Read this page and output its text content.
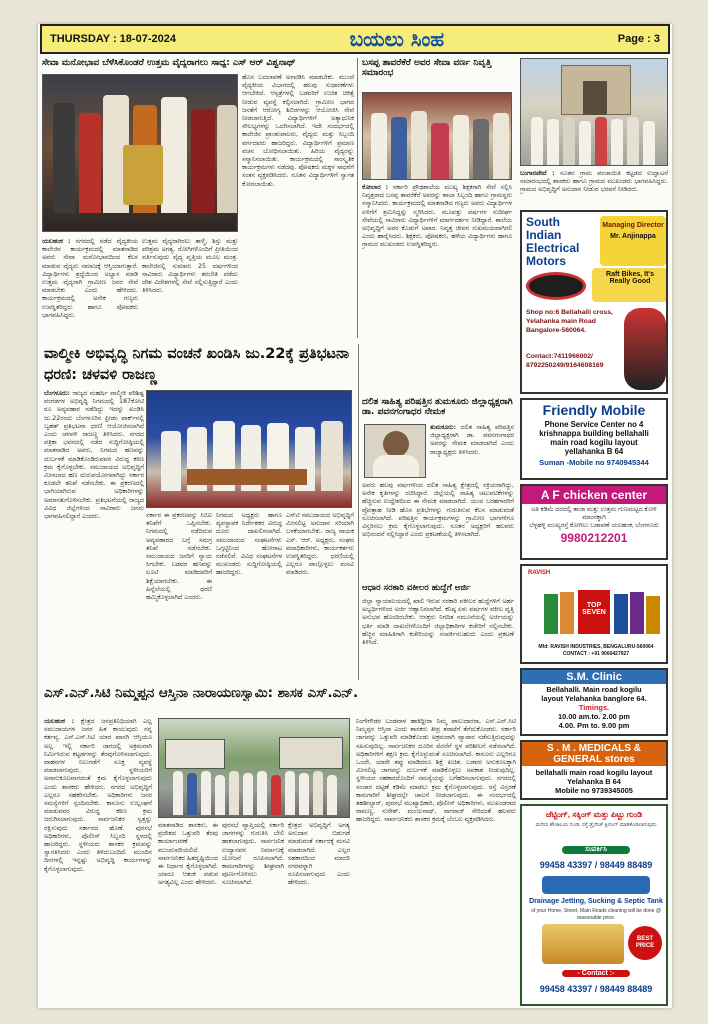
THURSDAY : 18-07-2024	ಬಯಲು ಸಿಂಹ	Page : 3
ಸೇವಾ ಮನೋಭಾವ ಬೆಳೆಸಿಕೊಂಡರೆ ಉತ್ತಮ ವೈದ್ಯರಾಗಲು ಸಾಧ್ಯ: ಎಸ್ ಆರ್ ವಿಶ್ವನಾಥ್
ಯಲಹಂಕ : ನಗರದಲ್ಲಿ ನಡೆದ ವೈದ್ಯಕೀಯ ಕಾಲೇಜಿನ ಕಾರ್ಯಕ್ರಮದಲ್ಲಿ ಮಾತನಾಡಿದ ಅವರು ಸೇವಾ ಮನೋಭಾವದಿಂದ ಕೆಲಸ ಮಾಡುವ ವೈದ್ಯರು ಸಮಾಜಕ್ಕೆ ಆಸ್ತಿಯಾಗುತ್ತಾರೆ. ವಿದ್ಯಾರ್ಥಿಗಳು ಶ್ರದ್ಧೆಯಿಂದ ಅಭ್ಯಾಸ ಮಾಡಿ ಉತ್ತಮ ವೈದ್ಯರಾಗಿ ಗ್ರಾಮೀಣ ಜನರ ಸೇವೆ ಮಾಡಬೇಕು ಎಂದು ಹೇಳಿದರು. ಕಾರ್ಯಕ್ರಮದಲ್ಲಿ ಅನೇಕ ಗಣ್ಯರು ಉಪಸ್ಥಿತರಿದ್ದರು ಹಾಗೂ ಪೋಷಕರು ಭಾಗವಹಿಸಿದ್ದರು.
ಉತ್ತಮ ವೈದ್ಯರಾಗಿರಲು ತಾಳ್ಮೆ, ಶಿಸ್ತು ಮತ್ತು ಪರಿಶ್ರಮ ಅಗತ್ಯ. ರೋಗಿಗಳೊಂದಿಗೆ ಪ್ರೀತಿಯಿಂದ ವರ್ತಿಸುವುದು ವೈದ್ಯ ವೃತ್ತಿಯ ಮೂಲ ಮಂತ್ರ. ಕಾಲೇಜಿನಲ್ಲಿ ಸುಮಾರು 25 ವರ್ಷಗಳಿಂದ ಸಾವಿರಾರು ವಿದ್ಯಾರ್ಥಿಗಳು ತರಬೇತಿ ಪಡೆದು ದೇಶ ವಿದೇಶಗಳಲ್ಲಿ ಸೇವೆ ಸಲ್ಲಿಸುತ್ತಿದ್ದಾರೆ ಎಂದು ತಿಳಿಸಿದರು.
ಹೊಸ ಬದಲಾವಣೆ ಅಳವಡಿಸಿ ಮಾಡಬೇಕು. ಮುಂದೆ ವೈದ್ಯಕೀಯ ವಿಭಾಗದಲ್ಲಿ ಹಲವು ಸುಧಾರಣೆಗಳು ಆಗಬೇಕಿದೆ. ಆಸ್ಪತ್ರೆಗಳಲ್ಲಿ ಬಡವರಿಗೆ ಉಚಿತ ಚಿಕಿತ್ಸೆ ನೀಡುವ ವ್ಯವಸ್ಥೆ ಕಲ್ಪಿಸಲಾಗಿದೆ. ಗ್ರಾಮೀಣ ಭಾಗದ ಜನತೆಗೆ ಆರೋಗ್ಯ ಶಿಬಿರಗಳನ್ನು ಆಯೋಜಿಸಿ ಸೇವೆ ನೀಡಲಾಗುತ್ತಿದೆ. ವಿದ್ಯಾರ್ಥಿಗಳಿಗೆ ಅತ್ಯಾಧುನಿಕ ಸೌಲಭ್ಯಗಳನ್ನು ಒದಗಿಸಲಾಗಿದೆ. ಇದೇ ಸಂದರ್ಭದಲ್ಲಿ ಕಾಲೇಜಿನ ಪ್ರಾಂಶುಪಾಲರು, ವೈದ್ಯರು ಮತ್ತು ಸಿಬ್ಬಂದಿ ವರ್ಗದವರು ಹಾಜರಿದ್ದರು. ವಿದ್ಯಾರ್ಥಿಗಳಿಗೆ ಪ್ರಮಾಣ ವಚನ ಬೋಧಿಸಲಾಯಿತು. ಹಿರಿಯ ವೈದ್ಯರನ್ನು ಸನ್ಮಾನಿಸಲಾಯಿತು. ಕಾರ್ಯಕ್ರಮದಲ್ಲಿ ಸಾಂಸ್ಕೃತಿಕ ಕಾರ್ಯಕ್ರಮಗಳು ನಡೆದವು. ಪೋಷಕರು ಮಕ್ಕಳ ಸಾಧನೆಗೆ ಸಂತಸ ವ್ಯಕ್ತಪಡಿಸಿದರು. ನೂತನ ವಿದ್ಯಾರ್ಥಿಗಳಿಗೆ ಸ್ವಾಗತ ಕೋರಲಾಯಿತು.
ಬಸಪ್ಪ ತಾವರೆಕೆರೆ ಅವರ ಸೇವಾ ವರ್ಣ ನಿವೃತ್ತಿ ಸಮಾರಂಭ
ಕೋಲಾರ : ಸರ್ಕಾರಿ ಪ್ರೌಢಶಾಲೆಯ ಮುಖ್ಯ ಶಿಕ್ಷಕರಾಗಿ ಸೇವೆ ಸಲ್ಲಿಸಿ ನಿವೃತ್ತರಾದ ಬಸಪ್ಪ ತಾವರೆಕೆರೆ ಅವರನ್ನು ಶಾಲಾ ಸಿಬ್ಬಂದಿ ಹಾಗೂ ಗ್ರಾಮಸ್ಥರು ಸನ್ಮಾನಿಸಿದರು. ಕಾರ್ಯಕ್ರಮದಲ್ಲಿ ಮಾತನಾಡಿದ ಗಣ್ಯರು ಅವರು ವಿದ್ಯಾರ್ಥಿಗಳ ಏಳಿಗೆಗೆ ಶ್ರಮಿಸಿದ್ದನ್ನು ಸ್ಮರಿಸಿದರು. ಮೂವತ್ತು ವರ್ಷಗಳ ಸುದೀರ್ಘ ಸೇವೆಯಲ್ಲಿ ಸಾವಿರಾರು ವಿದ್ಯಾರ್ಥಿಗಳಿಗೆ ಮಾರ್ಗದರ್ಶನ ನೀಡಿದ್ದಾರೆ. ಶಾಲೆಯ ಅಭಿವೃದ್ಧಿಗೆ ಅವರ ಕೊಡುಗೆ ಅಪಾರ. ನಿವೃತ್ತ ಜೀವನ ಸುಖಮಯವಾಗಿರಲಿ ಎಂದು ಹಾರೈಸಿದರು. ಶಿಕ್ಷಕರು, ಪೋಷಕರು, ಹಳೆಯ ವಿದ್ಯಾರ್ಥಿಗಳು ಹಾಗೂ ಗ್ರಾಮದ ಮುಖಂಡರು ಉಪಸ್ಥಿತರಿದ್ದರು.
ಬಂಗಾರಪೇಟೆ : ನೂತನ ಗ್ರಾಮ ಪಂಚಾಯಿತಿ ಕಟ್ಟಡದ ಉದ್ಘಾಟನೆ ಸಮಾರಂಭದಲ್ಲಿ ಶಾಸಕರು ಹಾಗೂ ಗ್ರಾಮದ ಮುಖಂಡರು ಭಾಗವಹಿಸಿದ್ದರು. ಗ್ರಾಮದ ಅಭಿವೃದ್ಧಿಗೆ ಅನುದಾನ ನೀಡುವ ಭರವಸೆ ನೀಡಿದರು.
South
Indian
Electrical
Motors
Managing Director
Mr. Anjinappa
Raft Bikes, It's Really Good
Shop no:6 Bellahalli cross, Yelahanka main Road Bangalore-560064.
Contact:7411966002/ 8792250249/9164608169
ವಾಲ್ಮೀಕಿ ಅಭಿವೃದ್ಧಿ ನಿಗಮ ವಂಚನೆ ಖಂಡಿಸಿ ಜು.22ಕ್ಕೆ ಪ್ರತಿಭಟನಾ ಧರಣಿ: ಚಳವಳಿ ರಾಜಣ್ಣ
ಬೆಂಗಳೂರು: ರಾಜ್ಯದ ಮಹರ್ಷಿ ವಾಲ್ಮೀಕಿ ಪರಿಶಿಷ್ಟ ಪಂಗಡಗಳ ಅಭಿವೃದ್ಧಿ ನಿಗಮದಲ್ಲಿ 187ಕೋಟಿ ರೂ ಅವ್ಯವಹಾರ ನಡೆದಿದ್ದು ಇದನ್ನು ಖಂಡಿಸಿ ಜು.22ರಂದು ಬೆಂಗಳೂರಿನ ಫ್ರೀಡಂ ಪಾರ್ಕ್‌ನಲ್ಲಿ ಬೃಹತ್ ಪ್ರತಿಭಟನಾ ಧರಣಿ ಆಯೋಜಿಸಲಾಗಿದೆ ಎಂದು ಚಳವಳಿ ರಾಜಣ್ಣ ತಿಳಿಸಿದರು. ನಗರದ ಪತ್ರಿಕಾ ಭವನದಲ್ಲಿ ನಡೆದ ಸುದ್ದಿಗೋಷ್ಠಿಯಲ್ಲಿ ಮಾತನಾಡಿದ ಅವರು, ನಿಗಮದ ಹಣವನ್ನು ದುರ್ಬಳಕೆ ಮಾಡಿಕೊಂಡಿರುವವರ ವಿರುದ್ಧ ಕಠಿಣ ಕ್ರಮ ಕೈಗೊಳ್ಳಬೇಕು. ಸಮುದಾಯದ ಅಭಿವೃದ್ಧಿಗೆ ಮೀಸಲಾದ ಹಣ ದುರುಪಯೋಗವಾಗಿದ್ದು ಸರ್ಕಾರ ಕೂಡಲೇ ತನಿಖೆ ನಡೆಸಬೇಕು. ಈ ಪ್ರಕರಣದಲ್ಲಿ ಭಾಗಿಯಾಗಿರುವ ಅಧಿಕಾರಿಗಳನ್ನು ಅಮಾನತುಗೊಳಿಸಬೇಕು. ಪ್ರತಿಭಟನೆಯಲ್ಲಿ ರಾಜ್ಯದ ವಿವಿಧ ಜಿಲ್ಲೆಗಳಿಂದ ಸಾವಿರಾರು ಜನರು ಭಾಗವಹಿಸಲಿದ್ದಾರೆ ಎಂದರು.	ಸರ್ಕಾರ ಈ ಪ್ರಕರಣವನ್ನು ಸಿಬಿಐ ತನಿಖೆಗೆ ಒಪ್ಪಿಸಬೇಕು. ನಿಗಮದಲ್ಲಿ ನಡೆದಿರುವ ಅವ್ಯವಹಾರದ ಬಗ್ಗೆ ಸಮಗ್ರ ತನಿಖೆ ನಡೆಸಬೇಕು. ಸಮುದಾಯದ ಜನರಿಗೆ ನ್ಯಾಯ ಸಿಗಬೇಕು. ಬಡವರ ಹಣವನ್ನು ಲೂಟಿ ಮಾಡಿದವರಿಗೆ ಶಿಕ್ಷೆಯಾಗಬೇಕು. ಈ ಹಿನ್ನೆಲೆಯಲ್ಲಿ ಧರಣಿ ಹಮ್ಮಿಕೊಳ್ಳಲಾಗಿದೆ ಎಂದರು.
ನಿಗಮದ ಅಧ್ಯಕ್ಷರು ಹಾಗೂ ವ್ಯವಸ್ಥಾಪಕ ನಿರ್ದೇಶಕರ ವಿರುದ್ಧ ದೂರು ದಾಖಲಿಸಲಾಗಿದೆ. ಸಮುದಾಯದ ಸಂಘಟನೆಗಳು ಒಗ್ಗಟ್ಟಿನಿಂದ ಹೋರಾಟ ನಡೆಸಲಿವೆ. ವಿವಿಧ ಸಂಘಟನೆಗಳ ಮುಖಂಡರು ಸುದ್ದಿಗೋಷ್ಠಿಯಲ್ಲಿ ಹಾಜರಿದ್ದರು.
ಎಸ್‌ಟಿ ಸಮುದಾಯದ ಅಭಿವೃದ್ಧಿಗೆ ಮೀಸಲಿಟ್ಟ ಅನುದಾನ ಸರಿಯಾಗಿ ಬಳಕೆಯಾಗಬೇಕು. ರಾಜ್ಯ ನಾಯಕ ಎಸ್. ಆರ್. ಅಧ್ಯಕ್ಷರು, ಸಂಘದ ಪದಾಧಿಕಾರಿಗಳು, ಕಾರ್ಯಕರ್ತರು ಉಪಸ್ಥಿತರಿದ್ದರು. ಧರಣಿಯಲ್ಲಿ ಎಲ್ಲರೂ ಪಾಲ್ಗೊಳ್ಳಲು ಮನವಿ ಮಾಡಿದರು.
ದಲಿತ ಸಾಹಿತ್ಯ ಪರಿಷತ್ತಿನ ತುಮಕೂರು ಜಿಲ್ಲಾಧ್ಯಕ್ಷರಾಗಿ ಡಾ. ಪವನಗಂಗಾಧರ ನೇಮಕ
ತುಮಕೂರು: ದಲಿತ ಸಾಹಿತ್ಯ ಪರಿಷತ್ತಿನ ಜಿಲ್ಲಾಧ್ಯಕ್ಷರಾಗಿ ಡಾ. ಪವನಗಂಗಾಧರ ಅವರನ್ನು ನೇಮಕ ಮಾಡಲಾಗಿದೆ ಎಂದು ರಾಜ್ಯಾಧ್ಯಕ್ಷರು ತಿಳಿಸಿದರು.
ಅವರು ಹಲವು ವರ್ಷಗಳಿಂದ ದಲಿತ ಸಾಹಿತ್ಯ ಕ್ಷೇತ್ರದಲ್ಲಿ ಸಕ್ರಿಯರಾಗಿದ್ದು, ಅನೇಕ ಕೃತಿಗಳನ್ನು ರಚಿಸಿದ್ದಾರೆ. ಜಿಲ್ಲೆಯಲ್ಲಿ ಸಾಹಿತ್ಯ ಚಟುವಟಿಕೆಗಳನ್ನು ಹೆಚ್ಚಿಸುವ ಉದ್ದೇಶದಿಂದ ಈ ನೇಮಕ ಮಾಡಲಾಗಿದೆ. ಯುವ ಬರಹಗಾರರಿಗೆ ಪ್ರೋತ್ಸಾಹ ನೀಡಿ ಹೊಸ ಪ್ರತಿಭೆಗಳನ್ನು ಗುರುತಿಸುವ ಕೆಲಸ ಮಾಡುವಂತೆ ಸೂಚಿಸಲಾಗಿದೆ. ಪರಿಷತ್ತಿನ ಕಾರ್ಯಕ್ರಮಗಳನ್ನು ಗ್ರಾಮೀಣ ಭಾಗಗಳಿಗೂ ವಿಸ್ತರಿಸಲು ಕ್ರಮ ಕೈಗೊಳ್ಳಲಾಗುವುದು. ನೂತನ ಅಧ್ಯಕ್ಷರಿಗೆ ಹಲವರು ಅಭಿನಂದನೆ ಸಲ್ಲಿಸಿದ್ದಾರೆ ಎಂದು ಪ್ರಕಟಣೆಯಲ್ಲಿ ತಿಳಿಸಲಾಗಿದೆ.
ಆಧಾರ ಸರಕಾರಿ ವಕೀಲರ ಹುದ್ದೆಗೆ ಅರ್ಜಿ
ಜಿಲ್ಲಾ ನ್ಯಾಯಾಲಯದಲ್ಲಿ ಖಾಲಿ ಇರುವ ಸರಕಾರಿ ವಕೀಲರ ಹುದ್ದೆಗಳಿಗೆ ಅರ್ಹ ಅಭ್ಯರ್ಥಿಗಳಿಂದ ಅರ್ಜಿ ಆಹ್ವಾನಿಸಲಾಗಿದೆ. ಕನಿಷ್ಠ ಏಳು ವರ್ಷಗಳ ವಕೀಲ ವೃತ್ತಿ ಅನುಭವ ಹೊಂದಿರಬೇಕು. ಆಸಕ್ತರು ನಿಗದಿತ ನಮೂನೆಯಲ್ಲಿ ಅರ್ಜಿಯನ್ನು ಭರ್ತಿ ಮಾಡಿ ದಾಖಲೆಗಳೊಂದಿಗೆ ಜಿಲ್ಲಾಧಿಕಾರಿಗಳ ಕಚೇರಿಗೆ ಸಲ್ಲಿಸಬೇಕು. ಹೆಚ್ಚಿನ ಮಾಹಿತಿಗಾಗಿ ಕಚೇರಿಯನ್ನು ಸಂಪರ್ಕಿಸಬಹುದು ಎಂದು ಪ್ರಕಟಣೆ ತಿಳಿಸಿದೆ.
Friendly Mobile
Phone Service Center no 4
krishnappa building bellahalli
main road kogilu layout
yellahanka B 64
Suman -Mobile no 9740945344
A F chicken center
ಅತಿ ಕಡಿಮೆ ದರದಲ್ಲಿ ತಾಜಾ ಮತ್ತು ಉತ್ತಮ ಗುಣಮಟ್ಟದ ಕೋಳಿ ಮಾಂಸಕ್ಕಾಗಿ
ಬೆಳ್ಳಹಳ್ಳಿ ಮುಖ್ಯರಸ್ತೆ ಕೋಗಿಲು ಬಡಾವಣೆ ಯಲಹಂಕ, ಬೆಂಗಳೂರು
9980212201
RAVISH
TOP SEVEN
Mfd: RAVISH INDUSTRIES, BENGALURU-560064 CONTACT : +91 9060427927
ಎಸ್.ಎನ್.ಸಿಟಿ ನಿಮ್ಮಪ್ಪನ ಆಸ್ತಿನಾ ನಾರಾಯಣಸ್ವಾಮಿ: ಶಾಸಕ ಎಸ್.ಎನ್.
ಯಲಹಂಕ : ಕ್ಷೇತ್ರದ ಜನಪ್ರತಿನಿಧಿಯಾಗಿ ಎಲ್ಲ ಸಮುದಾಯಗಳ ಜನರ ಹಿತ ಕಾಯುವುದು ನನ್ನ ಕರ್ತವ್ಯ. ಎಸ್.ಎನ್.ಸಿಟಿ ಯಾರ ಖಾಸಗಿ ಆಸ್ತಿಯೂ ಅಲ್ಲ. ಇಲ್ಲಿ ಸರ್ಕಾರಿ ಜಾಗದಲ್ಲಿ ಅಕ್ರಮವಾಗಿ ನಿರ್ಮಿಸಿರುವ ಕಟ್ಟಡಗಳನ್ನು ತೆರವುಗೊಳಿಸಲಾಗುವುದು. ವಾಹನಗಳ ನಿಲುಗಡೆಗೆ ಸೂಕ್ತ ವ್ಯವಸ್ಥೆ ಮಾಡಲಾಗುವುದು. ಸ್ಥಳೀಯರಿಗೆ ಅನಾನುಕೂಲವಾಗದಂತೆ ಕ್ರಮ ಕೈಗೊಳ್ಳಲಾಗುವುದು ಎಂದು ಶಾಸಕರು ಹೇಳಿದರು. ನಗರದ ಅಭಿವೃದ್ಧಿಗೆ ಎಲ್ಲರೂ ಸಹಕರಿಸಬೇಕು. ಅಧಿಕಾರಿಗಳು ಜನರ ಸಮಸ್ಯೆಗಳಿಗೆ ಸ್ಪಂದಿಸಬೇಕು. ಕಾನೂನು ಉಲ್ಲಂಘನೆ ಮಾಡುವವರ ವಿರುದ್ಧ ಕಠಿಣ ಕ್ರಮ ಜರುಗಿಸಲಾಗುವುದು. ಸಾರ್ವಜನಿಕರ ಸ್ವತ್ತನ್ನು ರಕ್ಷಿಸುವುದು ಸರ್ಕಾರದ ಹೊಣೆ. ಪುರಸಭೆ ಅಧಿಕಾರಿಗಳು, ಪೊಲೀಸ್ ಸಿಬ್ಬಂದಿ ಸ್ಥಳದಲ್ಲಿ ಹಾಜರಿದ್ದರು. ಸ್ಥಳೀಯರು ಶಾಸಕರ ಕ್ರಮವನ್ನು ಸ್ವಾಗತಿಸಿದರು ಎಂದು ತಿಳಿದುಬಂದಿದೆ. ಮುಂದಿನ ದಿನಗಳಲ್ಲಿ ಇನ್ನಷ್ಟು ಅಭಿವೃದ್ಧಿ ಕಾರ್ಯಗಳನ್ನು ಕೈಗೊಳ್ಳಲಾಗುವುದು.
ಮಾತನಾಡಿದ ಶಾಸಕರು, ಈ ಪ್ರದೇಶದ ಒತ್ತುವರಿ ತೆರವು ಕಾರ್ಯಾಚರಣೆ ಮುಂದುವರಿಯಲಿದೆ. ಸಾರ್ವಜನಿಕರ ಹಿತದೃಷ್ಟಿಯಿಂದ ಈ ನಿರ್ಧಾರ ಕೈಗೊಳ್ಳಲಾಗಿದೆ. ಯಾರೂ ಆತಂಕ ಪಡುವ ಅಗತ್ಯವಿಲ್ಲ ಎಂದು ಹೇಳಿದರು.
ಪುರಸಭೆ ವ್ಯಾಪ್ತಿಯಲ್ಲಿ ಸರ್ಕಾರಿ ಜಾಗಗಳನ್ನು ಗುರುತಿಸಿ ಬೇಲಿ ಹಾಕಲಾಗುವುದು. ಸಾರ್ವಜನಿಕ ಉದ್ಯಾನವನ ನಿರ್ಮಾಣಕ್ಕೆ ಯೋಜನೆ ರೂಪಿಸಲಾಗಿದೆ. ಕಾಮಗಾರಿಗಳನ್ನು ಶೀಘ್ರವಾಗಿ ಪೂರ್ಣಗೊಳಿಸಲು ಸೂಚಿಸಲಾಗಿದೆ.
ಕ್ಷೇತ್ರದ ಅಭಿವೃದ್ಧಿಗೆ ಅಗತ್ಯ ಅನುದಾನ ಬಿಡುಗಡೆ ಮಾಡುವಂತೆ ಸರ್ಕಾರಕ್ಕೆ ಮನವಿ ಮಾಡಲಾಗಿದೆ. ಎಲ್ಲರ ಸಹಕಾರದಿಂದ ಮಾದರಿ ನಗರವನ್ನಾಗಿ ರೂಪಿಸಲಾಗುವುದು ಎಂದು ಹೇಳಿದರು.
ನಿಂಗೇಗೌಡರ ಬಂಡವಾಳ ಹಾಕಿದ್ದೀರಾ ನಿಮ್ಮ ಪಾಲುದಾರರಾ, ಎಸ್.ಎನ್.ಸಿಟಿ ನಿಮ್ಮಪ್ಪನ ಆಸ್ತಿನಾ ಎಂದು ಶಾಸಕರು ತೀವ್ರ ತರಾಟೆಗೆ ತೆಗೆದುಕೊಂಡರು. ಸರ್ಕಾರಿ ಜಾಗವನ್ನು ಒತ್ತುವರಿ ಮಾಡಿಕೊಂಡು ಅಕ್ರಮವಾಗಿ ವ್ಯಾಪಾರ ನಡೆಸುತ್ತಿರುವುದನ್ನು ಸಹಿಸುವುದಿಲ್ಲ. ಸಾರ್ವಜನಿಕರ ದೂರಿನ ಮೇರೆಗೆ ಸ್ಥಳ ಪರಿಶೀಲನೆ ನಡೆಸಲಾಗಿದೆ. ಅಧಿಕಾರಿಗಳಿಗೆ ತಕ್ಷಣ ಕ್ರಮ ಕೈಗೊಳ್ಳುವಂತೆ ಸೂಚಿಸಲಾಗಿದೆ. ಕಾನೂನು ಎಲ್ಲರಿಗೂ ಒಂದೇ, ಯಾರೇ ತಪ್ಪು ಮಾಡಿದರೂ ಶಿಕ್ಷೆ ಖಚಿತ. ಬಡವರ ಅನುಕೂಲಕ್ಕಾಗಿ ಮೀಸಲಿಟ್ಟ ಜಾಗವನ್ನು ದುರ್ಬಳಕೆ ಮಾಡಿಕೊಳ್ಳಲು ಅವಕಾಶ ನೀಡುವುದಿಲ್ಲ. ಸ್ಥಳೀಯರ ಸಹಕಾರದೊಂದಿಗೆ ಸಮಸ್ಯೆಯನ್ನು ಬಗೆಹರಿಸಲಾಗುವುದು. ನಗರದಲ್ಲಿ ಸಂಚಾರ ದಟ್ಟಣೆ ಕಡಿಮೆ ಮಾಡಲು ಕ್ರಮ ಕೈಗೊಳ್ಳಲಾಗುವುದು. ರಸ್ತೆ ವಿಸ್ತರಣೆ ಕಾಮಗಾರಿಗೆ ಶೀಘ್ರದಲ್ಲೇ ಚಾಲನೆ ನೀಡಲಾಗುವುದು. ಈ ಸಂದರ್ಭದಲ್ಲಿ ತಹಶೀಲ್ದಾರ್, ಪುರಸಭೆ ಮುಖ್ಯಾಧಿಕಾರಿ, ಪೊಲೀಸ್ ಅಧಿಕಾರಿಗಳು, ಮುಖಂಡರಾದ ರಾಮಣ್ಣ, ಸುರೇಶ್, ಮಂಜುನಾಥ್, ನಾಗರಾಜ್ ಸೇರಿದಂತೆ ಹಲವರು ಹಾಜರಿದ್ದರು. ಸಾರ್ವಜನಿಕರು ಶಾಸಕರ ಕ್ರಮಕ್ಕೆ ಬೆಂಬಲ ವ್ಯಕ್ತಪಡಿಸಿದರು.
S.M. Clinic
Bellahalli. Main road kogilu
layout Yelahanka banglore 64.
Timings.
10.00 am.to. 2.00 pm
4.00. Pm to. 9.00 pm
S . M . MEDICALS &
GENERAL stores
bellahalli main road kogilu layout
Yelahanka B 64
Mobile no 9739345005
ಜೆಟ್ಟಿಂಗ್, ಸಕ್ಕಿಂಗ್ ಮತ್ತು ಪಿಟ್ಟು ಗುಂಡಿ
ಮನೆಯ ಶೌಚಾಲಯ ಗುಂಡಿ, ರಸ್ತೆ ಡ್ರೈನೇಜ್ ಕ್ಲೀನಿಂಗ್ ಮಾಡಿಕೊಡಲಾಗುವುದು
ಸಂಪರ್ಕಿಸಿ
99458 43397 / 98449 88489
Drainage Jetting, Sucking & Septic Tank
of your Home, Street, Main Roads cleaning will be done @ reasonable price.
BEST PRICE
- Contact :-
99458 43397 / 98449 88489
